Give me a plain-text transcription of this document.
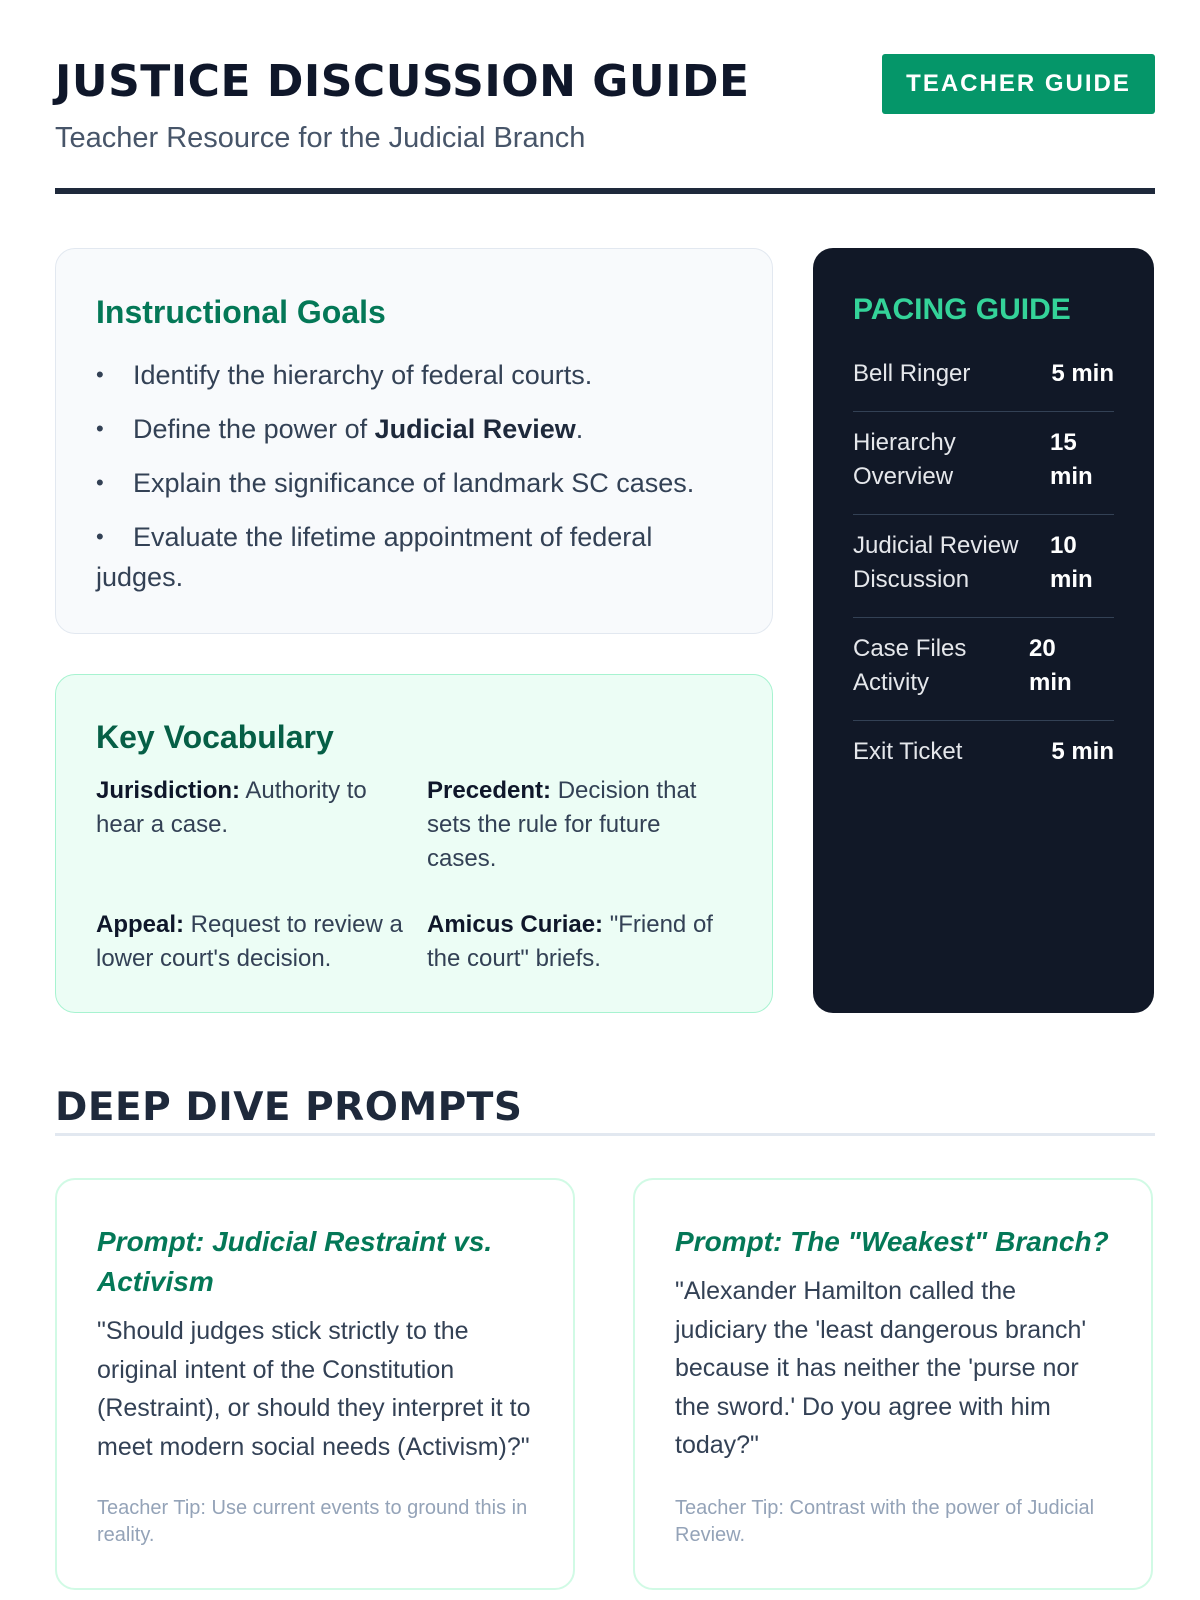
JUSTICE DISCUSSION GUIDE
Teacher Resource for the Judicial Branch
TEACHER GUIDE
Instructional Goals
• Identify the hierarchy of federal courts.
• Define the power of Judicial Review.
• Explain the significance of landmark SC cases.
• Evaluate the lifetime appointment of federal judges.
Key Vocabulary
Jurisdiction: Authority to hear a case.
Precedent: Decision that sets the rule for future cases.
Appeal: Request to review a lower court's decision.
Amicus Curiae: "Friend of the court" briefs.
PACING GUIDE
Bell Ringer	5 min
Hierarchy Overview
15 min
Judicial Review Discussion
10 min
Case Files Activity
20 min
Exit Ticket	5 min
DEEP DIVE PROMPTS
Prompt: Judicial Restraint vs. Activism

"Should judges stick strictly to the original intent of the Constitution (Restraint), or should they interpret it to meet modern social needs (Activism)?"

Teacher Tip: Use current events to ground this in reality.

Prompt: The "Weakest" Branch?

"Alexander Hamilton called the judiciary the 'least dangerous branch' because it has neither the 'purse nor the sword.' Do you agree with him today?"

Teacher Tip: Contrast with the power of Judicial Review.
